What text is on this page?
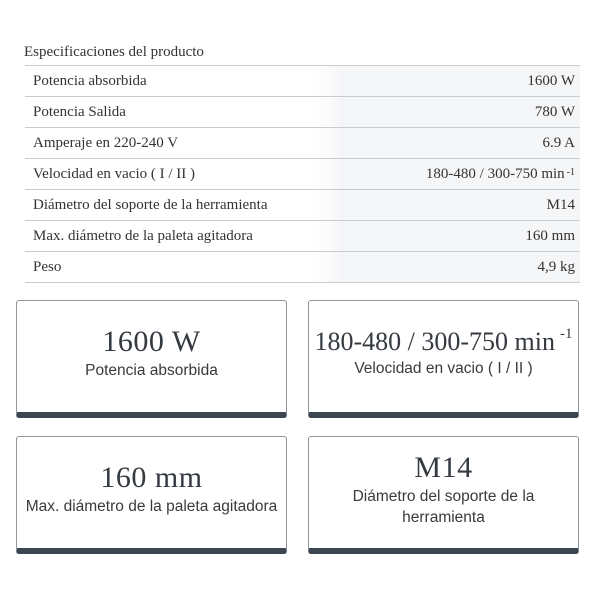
Especificaciones del producto
Potencia absorbida	1600 W
Potencia Salida	780 W
Amperaje en 220-240 V	6.9 A
Velocidad en vacio ( I / II )	180-480 / 300-750 $\min^{-1}$
Diámetro del soporte de la herramienta	M14
Max. diámetro de la paleta agitadora	160 mm
Peso	4,9 kg
1600 W
Potencia absorbida
180-480 / 300-750 min $^{-1}$
Velocidad en vacio ( I / II )
160 mm
Max. diámetro de la paleta agitadora
M14
Diámetro del soporte de la herramienta
